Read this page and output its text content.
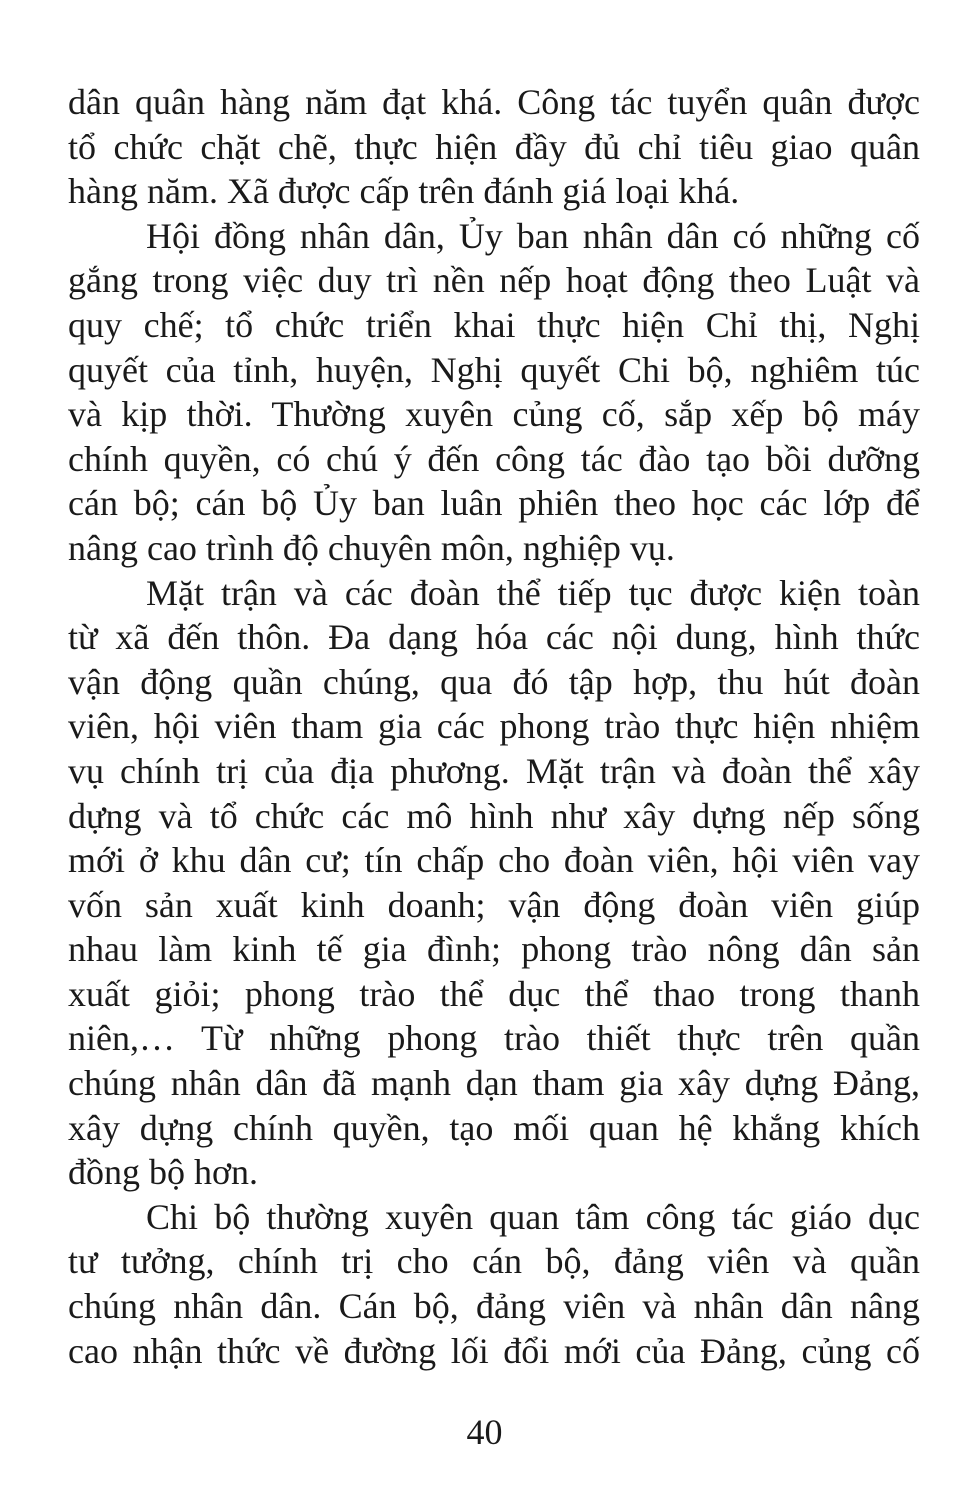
dân quân hàng năm đạt khá. Công tác tuyển quân được
tổ chức chặt chẽ, thực hiện đầy đủ chỉ tiêu giao quân
hàng năm. Xã được cấp trên đánh giá loại khá.
Hội đồng nhân dân, Ủy ban nhân dân có những cố
gắng trong việc duy trì nền nếp hoạt động theo Luật và
quy chế; tổ chức triển khai thực hiện Chỉ thị, Nghị
quyết của tỉnh, huyện, Nghị quyết Chi bộ, nghiêm túc
và kịp thời. Thường xuyên củng cố, sắp xếp bộ máy
chính quyền, có chú ý đến công tác đào tạo bồi dưỡng
cán bộ; cán bộ Ủy ban luân phiên theo học các lớp để
nâng cao trình độ chuyên môn, nghiệp vụ.
Mặt trận và các đoàn thể tiếp tục được kiện toàn
từ xã đến thôn. Đa dạng hóa các nội dung, hình thức
vận động quần chúng, qua đó tập hợp, thu hút đoàn
viên, hội viên tham gia các phong trào thực hiện nhiệm
vụ chính trị của địa phương. Mặt trận và đoàn thể xây
dựng và tổ chức các mô hình như xây dựng nếp sống
mới ở khu dân cư; tín chấp cho đoàn viên, hội viên vay
vốn sản xuất kinh doanh; vận động đoàn viên giúp
nhau làm kinh tế gia đình; phong trào nông dân sản
xuất giỏi; phong trào thể dục thể thao trong thanh
niên,… Từ những phong trào thiết thực trên quần
chúng nhân dân đã mạnh dạn tham gia xây dựng Đảng,
xây dựng chính quyền, tạo mối quan hệ khắng khích
đồng bộ hơn.
Chi bộ thường xuyên quan tâm công tác giáo dục
tư tưởng, chính trị cho cán bộ, đảng viên và quần
chúng nhân dân. Cán bộ, đảng viên và nhân dân nâng
cao nhận thức về đường lối đổi mới của Đảng, củng cố
40
